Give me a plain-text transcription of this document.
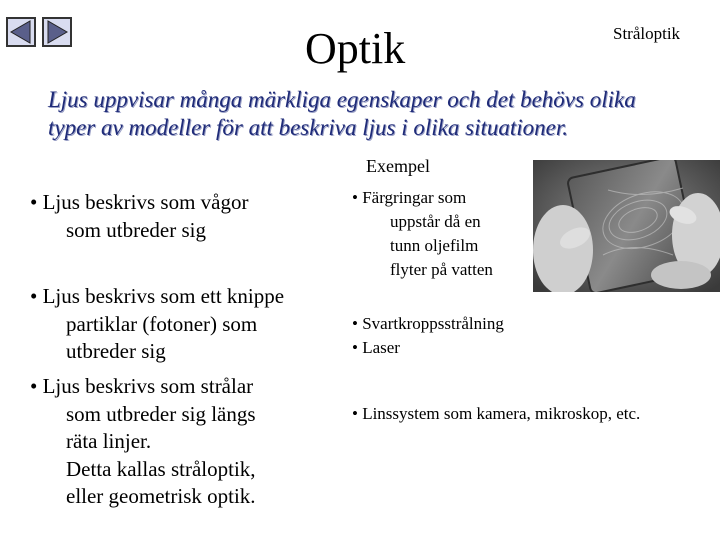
Optik	Stråloptik
Ljus uppvisar många märkliga egenskaper och det behövs olika typer av modeller för att beskriva ljus i olika situationer.
Exempel
• Ljus beskrivs som vågor
som utbreder sig
• Ljus beskrivs som ett knippe
partiklar (fotoner) som
utbreder sig
• Ljus beskrivs som strålar
som utbreder sig längs
räta linjer.
Detta kallas stråloptik,
eller geometrisk optik.
• Färgringar som
uppstår då en
tunn oljefilm
flyter på vatten
• Svartkroppsstrålning
• Laser
• Linssystem som kamera, mikroskop, etc.
